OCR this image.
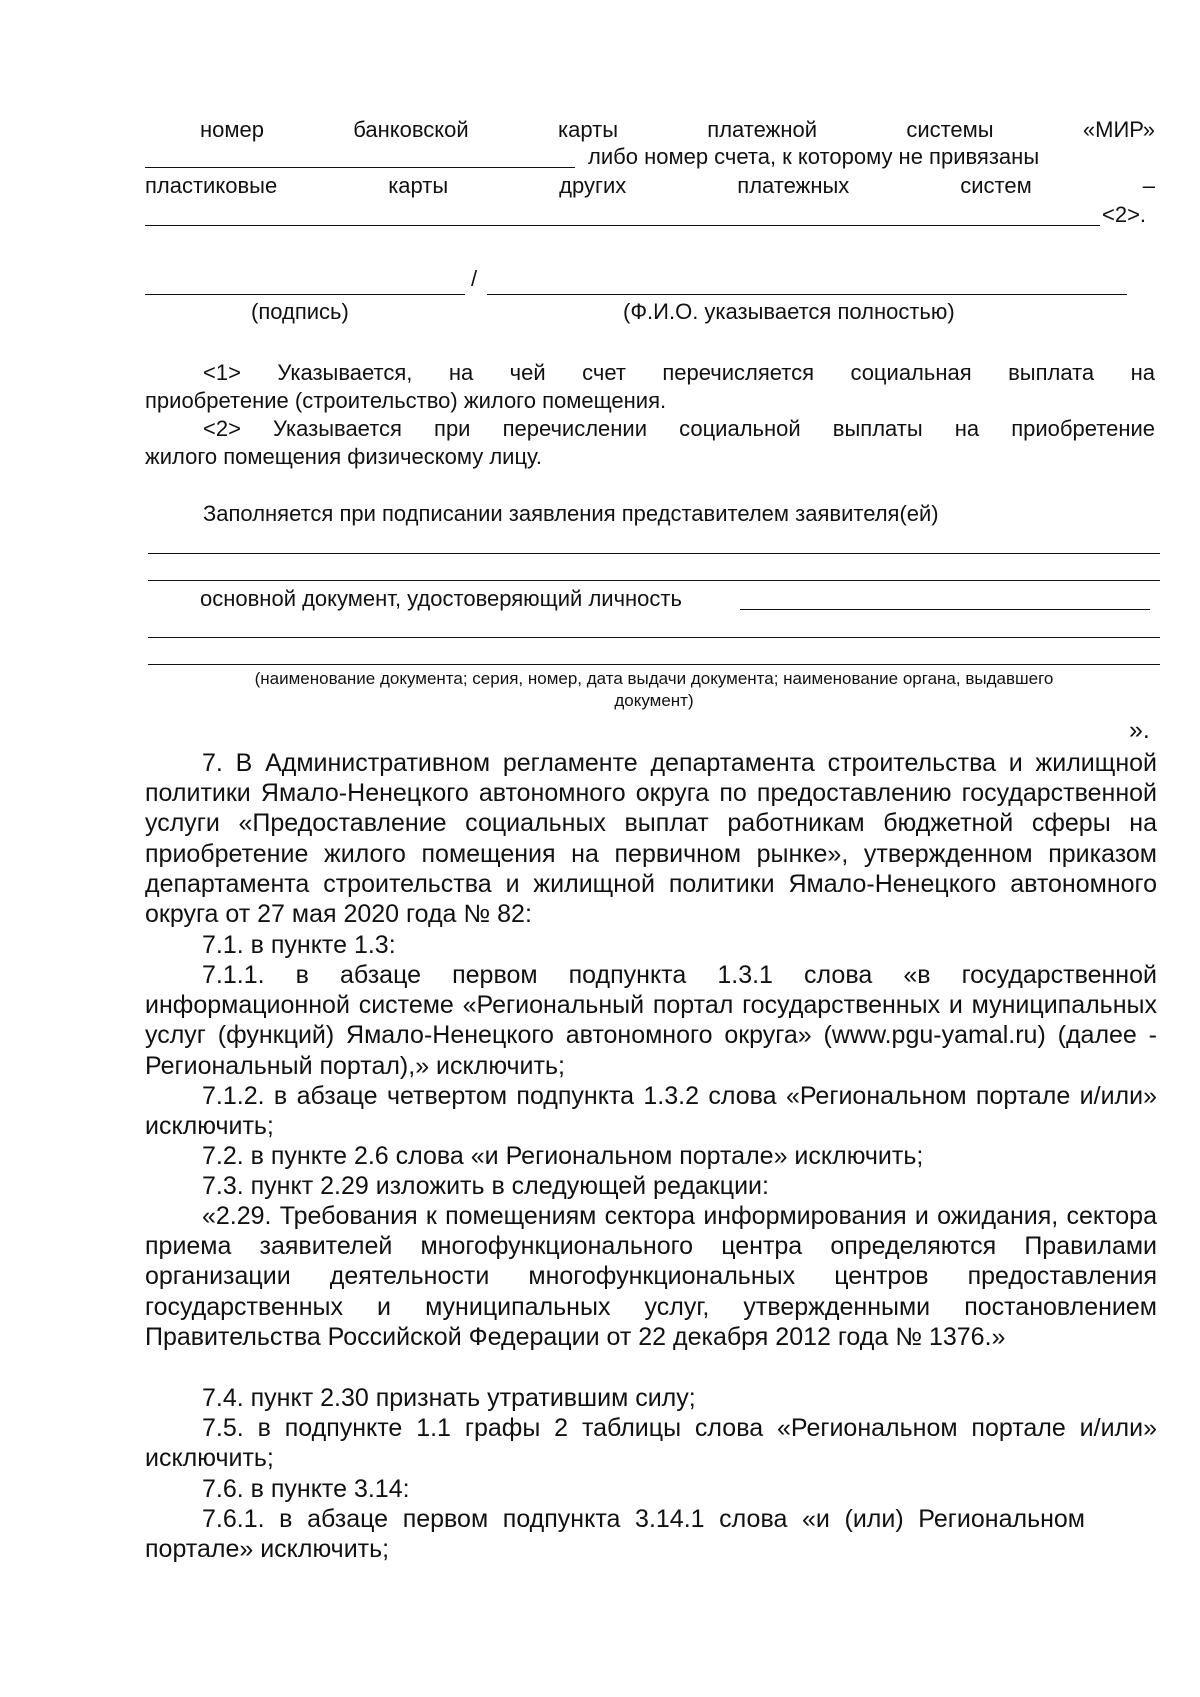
номер	банковской	карты	платежной	системы	«МИР»
либо номер счета, к которому не привязаны
пластиковые	карты	других	платежных	систем	–
<2>.
/
(подпись)	(Ф.И.О. указывается полностью)
<1> Указывается, на чей счет перечисляется социальная выплата на
приобретение (строительство) жилого помещения.
<2> Указывается при перечислении социальной выплаты на приобретение
жилого помещения физическому лицу.
Заполняется при подписании заявления представителем заявителя(ей)
основной документ, удостоверяющий личность
(наименование документа; серия, номер, дата выдачи документа; наименование органа, выдавшего
документ)
».
7. В Административном регламенте департамента строительства и жилищной политики Ямало-Ненецкого автономного округа по предоставлению государственной услуги «Предоставление социальных выплат работникам бюджетной сферы на приобретение жилого помещения на первичном рынке», утвержденном приказом департамента строительства и жилищной политики Ямало-Ненецкого автономного округа от 27 мая 2020 года № 82:
7.1. в пункте 1.3:
7.1.1. в абзаце первом подпункта 1.3.1 слова «в государственной информационной системе «Региональный портал государственных и муниципальных услуг (функций) Ямало-Ненецкого автономного округа» (www.pgu-yamal.ru) (далее - Региональный портал),» исключить;
7.1.2. в абзаце четвертом подпункта 1.3.2 слова «Региональном портале и/или» исключить;
7.2. в пункте 2.6 слова «и Региональном портале» исключить;
7.3. пункт 2.29 изложить в следующей редакции:
«2.29. Требования к помещениям сектора информирования и ожидания, сектора приема заявителей многофункционального центра определяются Правилами организации деятельности многофункциональных центров предоставления государственных и муниципальных услуг, утвержденными постановлением Правительства Российской Федерации от 22 декабря 2012 года № 1376.»
7.4. пункт 2.30 признать утратившим силу;
7.5. в подпункте 1.1 графы 2 таблицы слова «Региональном портале и/или» исключить;
7.6. в пункте 3.14:
7.6.1. в абзаце первом подпункта 3.14.1 слова «и (или) Региональном портале» исключить;
